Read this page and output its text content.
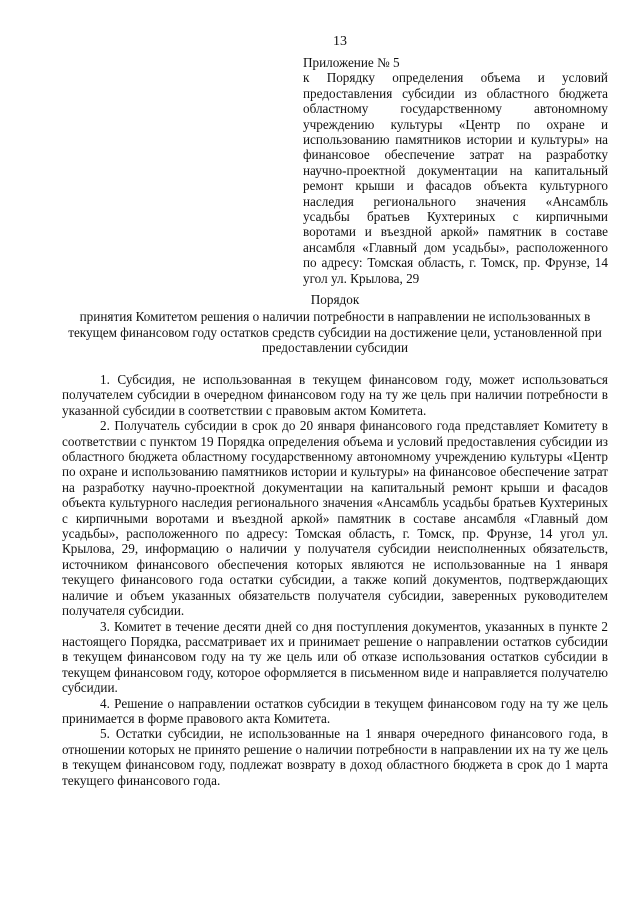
13

Приложение № 5

к Порядку определения объема и условий предоставления субсидии из областного бюджета областному государственному автономному учреждению культуры «Центр по охране и использованию памятников истории и культуры» на финансовое обеспечение затрат на разработку научно-проектной документации на капитальный ремонт крыши и фасадов объекта культурного наследия регионального значения «Ансамбль усадьбы братьев Кухтериных с кирпичными воротами и въездной аркой» памятник в составе ансамбля «Главный дом усадьбы», расположенного по адресу: Томская область, г. Томск, пр. Фрунзе, 14 угол ул. Крылова, 29

Порядок

принятия Комитетом решения о наличии потребности в направлении не использованных в текущем финансовом году остатков средств субсидии на достижение цели, установленной при предоставлении субсидии

1. Субсидия, не использованная в текущем финансовом году, может использоваться получателем субсидии в очередном финансовом году на ту же цель при наличии потребности в указанной субсидии в соответствии с правовым актом Комитета.

2. Получатель субсидии в срок до 20 января финансового года представляет Комитету в соответствии с пунктом 19 Порядка определения объема и условий предоставления субсидии из областного бюджета областному государственному автономному учреждению культуры «Центр по охране и использованию памятников истории и культуры» на финансовое обеспечение затрат на разработку научно-проектной документации на капитальный ремонт крыши и фасадов объекта культурного наследия регионального значения «Ансамбль усадьбы братьев Кухтериных с кирпичными воротами и въездной аркой» памятник в составе ансамбля «Главный дом усадьбы», расположенного по адресу: Томская область, г. Томск, пр. Фрунзе, 14 угол ул. Крылова, 29, информацию о наличии у получателя субсидии неисполненных обязательств, источником финансового обеспечения которых являются не использованные на 1 января текущего финансового года остатки субсидии, а также копий документов, подтверждающих наличие и объем указанных обязательств получателя субсидии, заверенных руководителем получателя субсидии.

3. Комитет в течение десяти дней со дня поступления документов, указанных в пункте 2 настоящего Порядка, рассматривает их и принимает решение о направлении остатков субсидии в текущем финансовом году на ту же цель или об отказе использования остатков субсидии в текущем финансовом году, которое оформляется в письменном виде и направляется получателю субсидии.

4. Решение о направлении остатков субсидии в текущем финансовом году на ту же цель принимается в форме правового акта Комитета.

5. Остатки субсидии, не использованные на 1 января очередного финансового года, в отношении которых не принято решение о наличии потребности в направлении их на ту же цель в текущем финансовом году, подлежат возврату в доход областного бюджета в срок до 1 марта текущего финансового года.
